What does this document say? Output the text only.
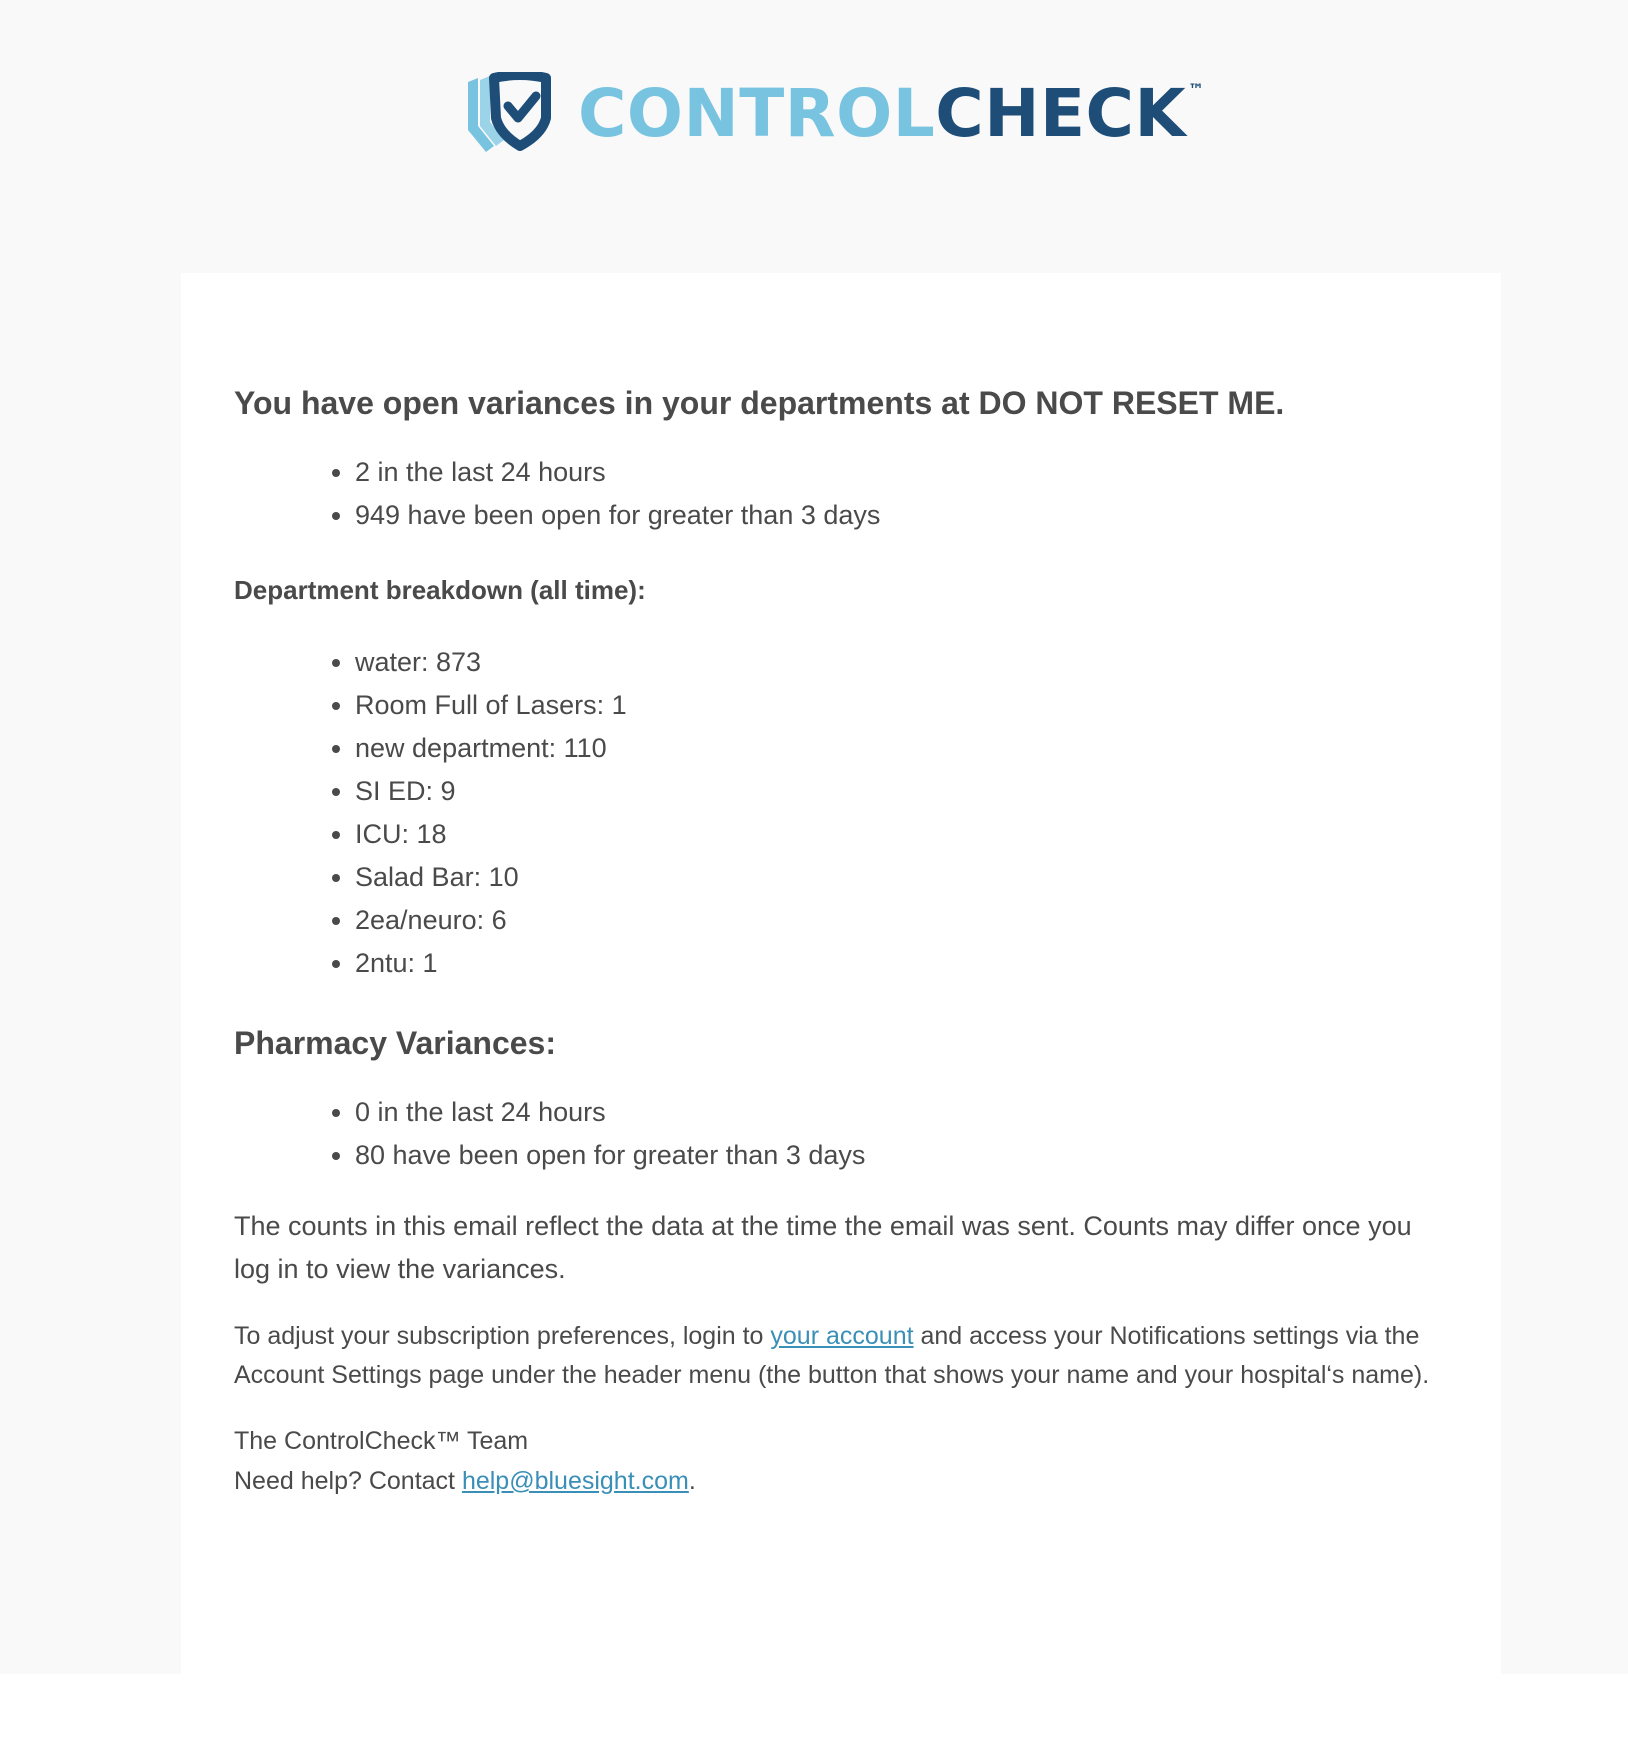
CONTROLCHECK ™
You have open variances in your departments at DO NOT RESET ME.
• 2 in the last 24 hours
• 949 have been open for greater than 3 days
Department breakdown (all time):
• water: 873
• Room Full of Lasers: 1
• new department: 110
• SI ED: 9
• ICU: 18
• Salad Bar: 10
• 2ea/neuro: 6
• 2ntu: 1
Pharmacy Variances:
• 0 in the last 24 hours
• 80 have been open for greater than 3 days

The counts in this email reflect the data at the time the email was sent. Counts may differ once you log in to view the variances.

To adjust your subscription preferences, login to your account and access your Notifications settings via the Account Settings page under the header menu (the button that shows your name and your hospital‘s name).

The ControlCheck™ Team
Need help? Contact help@bluesight.com.
